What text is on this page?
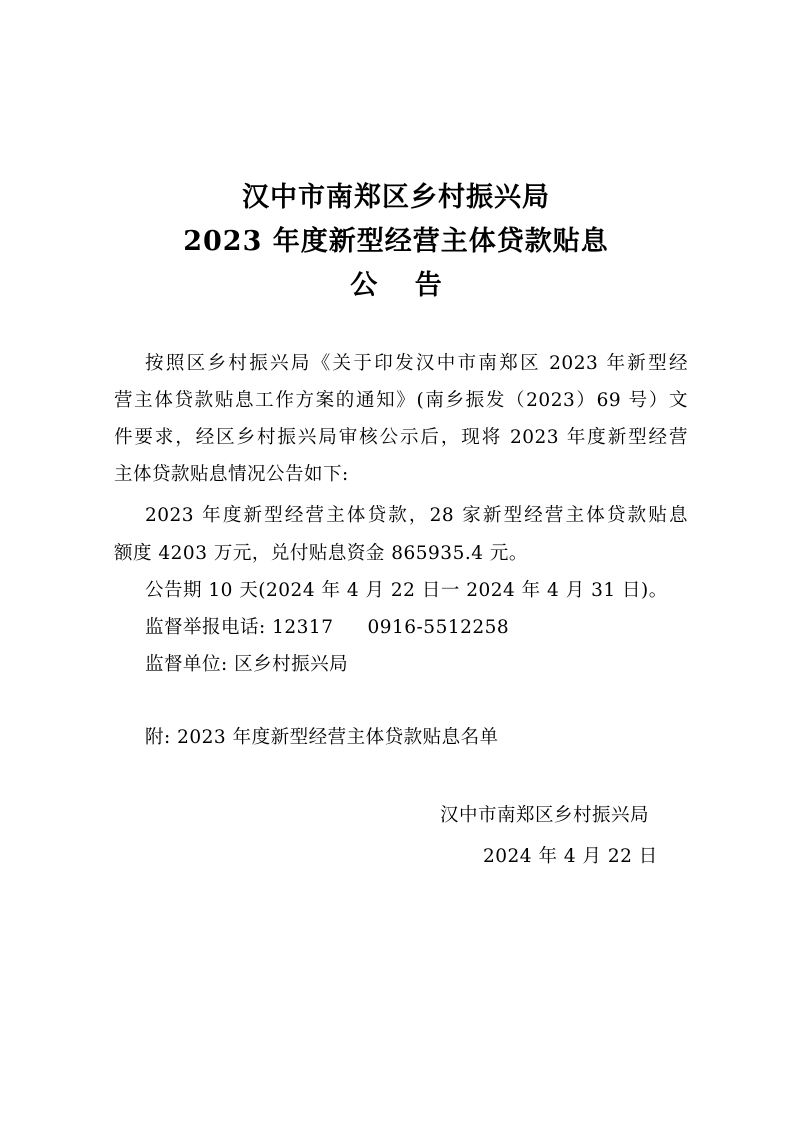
汉中市南郑区乡村振兴局
2023 年度新型经营主体贷款贴息
公 告
按照区乡村振兴局《关于印发汉中市南郑区 2023 年新型经
营主体贷款贴息工作方案的通知》(南乡振发（2023）69 号）文
件要求，经区乡村振兴局审核公示后，现将 2023 年度新型经营
主体贷款贴息情况公告如下:
2023 年度新型经营主体贷款，28 家新型经营主体贷款贴息
额度 4203 万元，兑付贴息资金 865935.4 元。
公告期 10 天(2024 年 4 月 22 日一 2024 年 4 月 31 日)。
监督举报电话: 12317 0916-5512258
监督单位: 区乡村振兴局
附: 2023 年度新型经营主体贷款贴息名单
汉中市南郑区乡村振兴局
2024 年 4 月 22 日
